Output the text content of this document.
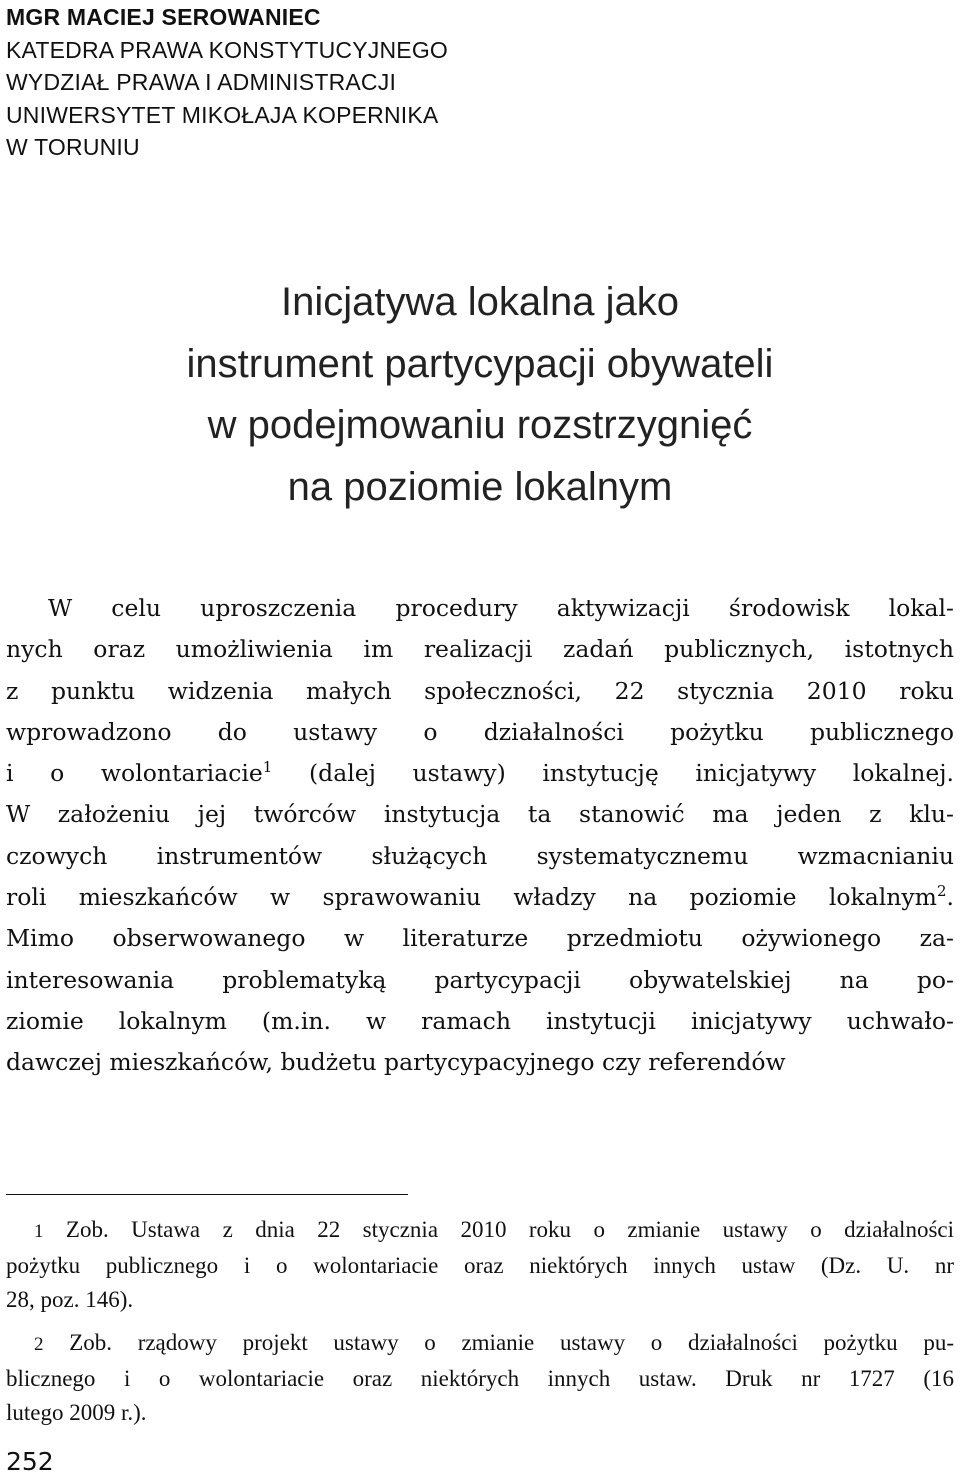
MGR MACIEJ SEROWANIEC
KATEDRA PRAWA KONSTYTUCYJNEGO
WYDZIAŁ PRAWA I ADMINISTRACJI
UNIWERSYTET MIKOŁAJA KOPERNIKA
W TORUNIU
Inicjatywa lokalna jako
instrument partycypacji obywateli
w podejmowaniu rozstrzygnięć
na poziomie lokalnym
W celu uproszczenia procedury aktywizacji środowisk lokal-
nych oraz umożliwienia im realizacji zadań publicznych, istotnych
z punktu widzenia małych społeczności, 22 stycznia 2010 roku
wprowadzono do ustawy o działalności pożytku publicznego
i o wolontariacie$^1$ (dalej ustawy) instytucję inicjatywy lokalnej.
W założeniu jej twórców instytucja ta stanowić ma jeden z klu-
czowych instrumentów służących systematycznemu wzmacnianiu
roli mieszkańców w sprawowaniu władzy na poziomie lokalnym$^2$.
Mimo obserwowanego w literaturze przedmiotu ożywionego za-
interesowania problematyką partycypacji obywatelskiej na po-
ziomie lokalnym (m.in. w ramach instytucji inicjatywy uchwało-
dawczej mieszkańców, budżetu partycypacyjnego czy referendów
1 Zob. Ustawa z dnia 22 stycznia 2010 roku o zmianie ustawy o działalności
pożytku publicznego i o wolontariacie oraz niektórych innych ustaw (Dz. U. nr
28, poz. 146).
2 Zob. rządowy projekt ustawy o zmianie ustawy o działalności pożytku pu-
blicznego i o wolontariacie oraz niektórych innych ustaw. Druk nr 1727 (16
lutego 2009 r.).
252
